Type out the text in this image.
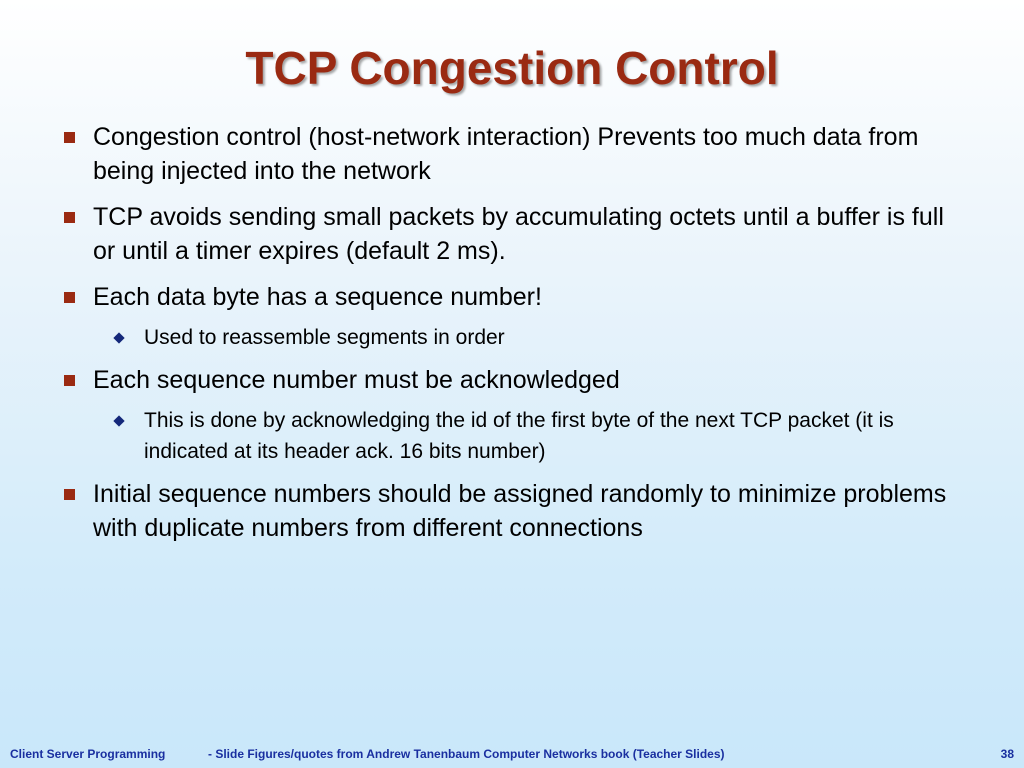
TCP Congestion Control
Congestion control (host-network interaction) Prevents too much data from being injected into the network
TCP avoids sending small packets by accumulating octets until a buffer is full or until a timer expires (default 2 ms).
Each data byte has a sequence number!
Used to reassemble segments in order
Each sequence number must be acknowledged
This is done by acknowledging the id of the first byte of the next TCP packet (it is indicated at its header ack. 16 bits number)
Initial sequence numbers should be assigned randomly to minimize problems with duplicate numbers from different connections
Client Server Programming	- Slide Figures/quotes from Andrew Tanenbaum Computer Networks book (Teacher Slides)	38
